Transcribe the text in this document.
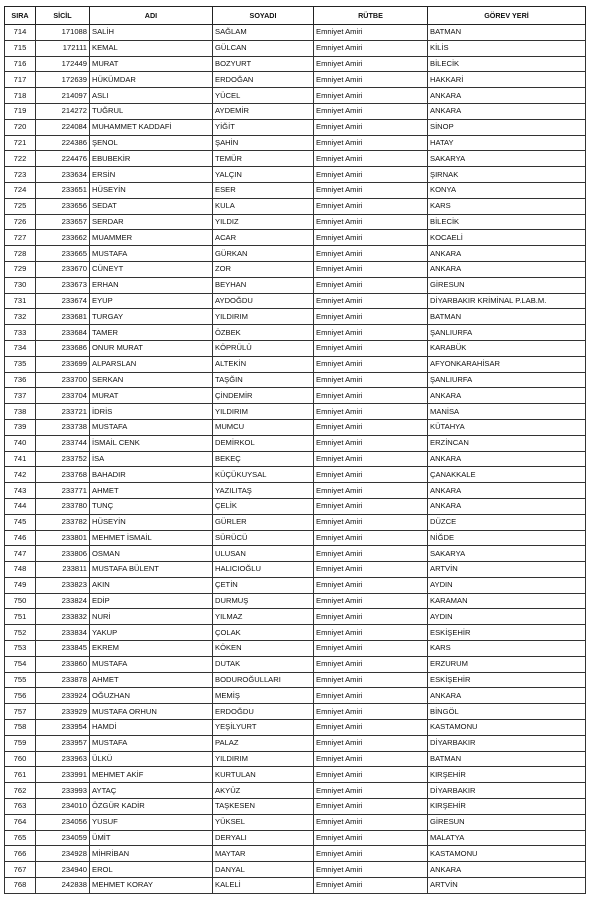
SIRA	SİCİL	ADI	SOYADI	RÜTBE	GÖREV YERİ
714	171088	SALİH	SAĞLAM	Emniyet Amiri	BATMAN
715	172111	KEMAL	GÜLCAN	Emniyet Amiri	KİLİS
716	172449	MURAT	BOZYURT	Emniyet Amiri	BİLECİK
717	172639	HÜKÜMDAR	ERDOĞAN	Emniyet Amiri	HAKKARİ
718	214097	ASLI	YÜCEL	Emniyet Amiri	ANKARA
719	214272	TUĞRUL	AYDEMİR	Emniyet Amiri	ANKARA
720	224084	MUHAMMET KADDAFİ	YİĞİT	Emniyet Amiri	SİNOP
721	224386	ŞENOL	ŞAHİN	Emniyet Amiri	HATAY
722	224476	EBUBEKİR	TEMÜR	Emniyet Amiri	SAKARYA
723	233634	ERSİN	YALÇIN	Emniyet Amiri	ŞIRNAK
724	233651	HÜSEYİN	ESER	Emniyet Amiri	KONYA
725	233656	SEDAT	KULA	Emniyet Amiri	KARS
726	233657	SERDAR	YILDIZ	Emniyet Amiri	BİLECİK
727	233662	MUAMMER	ACAR	Emniyet Amiri	KOCAELİ
728	233665	MUSTAFA	GÜRKAN	Emniyet Amiri	ANKARA
729	233670	CÜNEYT	ZOR	Emniyet Amiri	ANKARA
730	233673	ERHAN	BEYHAN	Emniyet Amiri	GİRESUN
731	233674	EYUP	AYDOĞDU	Emniyet Amiri	DİYARBAKIR KRİMİNAL P.LAB.M.
732	233681	TURGAY	YILDIRIM	Emniyet Amiri	BATMAN
733	233684	TAMER	ÖZBEK	Emniyet Amiri	ŞANLIURFA
734	233686	ONUR MURAT	KÖPRÜLÜ	Emniyet Amiri	KARABÜK
735	233699	ALPARSLAN	ALTEKİN	Emniyet Amiri	AFYONKARAHİSAR
736	233700	SERKAN	TAŞĞIN	Emniyet Amiri	ŞANLIURFA
737	233704	MURAT	ÇİNDEMİR	Emniyet Amiri	ANKARA
738	233721	İDRİS	YILDIRIM	Emniyet Amiri	MANİSA
739	233738	MUSTAFA	MUMCU	Emniyet Amiri	KÜTAHYA
740	233744	İSMAİL CENK	DEMİRKOL	Emniyet Amiri	ERZİNCAN
741	233752	İSA	BEKEÇ	Emniyet Amiri	ANKARA
742	233768	BAHADIR	KÜÇÜKUYSAL	Emniyet Amiri	ÇANAKKALE
743	233771	AHMET	YAZILITAŞ	Emniyet Amiri	ANKARA
744	233780	TUNÇ	ÇELİK	Emniyet Amiri	ANKARA
745	233782	HÜSEYİN	GÜRLER	Emniyet Amiri	DÜZCE
746	233801	MEHMET İSMAİL	SÜRÜCÜ	Emniyet Amiri	NİĞDE
747	233806	OSMAN	ULUSAN	Emniyet Amiri	SAKARYA
748	233811	MUSTAFA BÜLENT	HALICIOĞLU	Emniyet Amiri	ARTVİN
749	233823	AKIN	ÇETİN	Emniyet Amiri	AYDIN
750	233824	EDİP	DURMUŞ	Emniyet Amiri	KARAMAN
751	233832	NURİ	YILMAZ	Emniyet Amiri	AYDIN
752	233834	YAKUP	ÇOLAK	Emniyet Amiri	ESKİŞEHİR
753	233845	EKREM	KÖKEN	Emniyet Amiri	KARS
754	233860	MUSTAFA	DUTAK	Emniyet Amiri	ERZURUM
755	233878	AHMET	BODUROĞULLARI	Emniyet Amiri	ESKİŞEHİR
756	233924	OĞUZHAN	MEMİŞ	Emniyet Amiri	ANKARA
757	233929	MUSTAFA ORHUN	ERDOĞDU	Emniyet Amiri	BİNGÖL
758	233954	HAMDİ	YEŞİLYURT	Emniyet Amiri	KASTAMONU
759	233957	MUSTAFA	PALAZ	Emniyet Amiri	DİYARBAKIR
760	233963	ÜLKÜ	YILDIRIM	Emniyet Amiri	BATMAN
761	233991	MEHMET AKİF	KURTULAN	Emniyet Amiri	KIRŞEHİR
762	233993	AYTAÇ	AKYÜZ	Emniyet Amiri	DİYARBAKIR
763	234010	ÖZGÜR KADİR	TAŞKESEN	Emniyet Amiri	KIRŞEHİR
764	234056	YUSUF	YÜKSEL	Emniyet Amiri	GİRESUN
765	234059	ÜMİT	DERYALI	Emniyet Amiri	MALATYA
766	234928	MİHRİBAN	MAYTAR	Emniyet Amiri	KASTAMONU
767	234940	EROL	DANYAL	Emniyet Amiri	ANKARA
768	242838	MEHMET KORAY	KALELİ	Emniyet Amiri	ARTVİN
